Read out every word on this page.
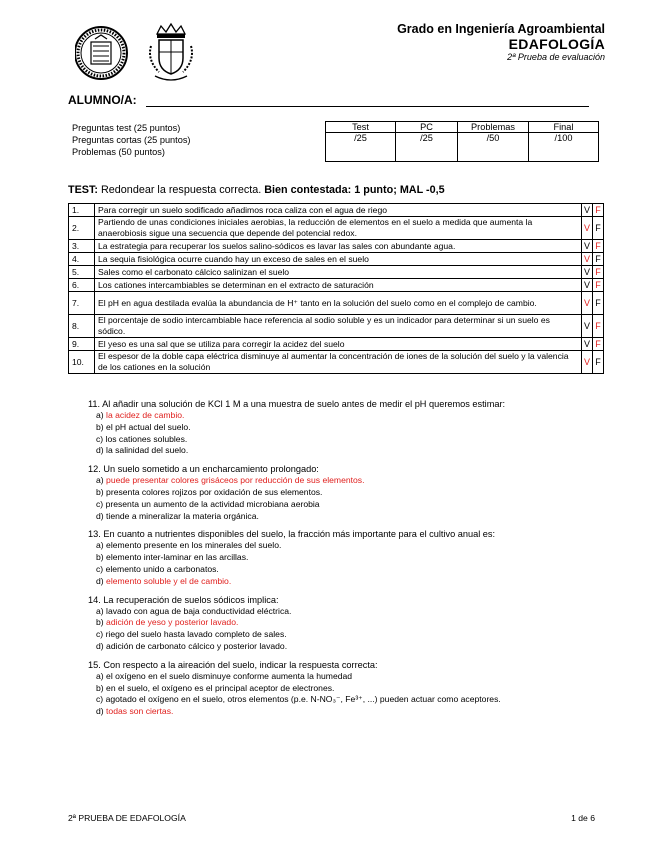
Grado en Ingeniería Agroambiental
EDAFOLOGÍA
2ª Prueba de evaluación
ALUMNO/A:
Preguntas test (25 puntos)
Preguntas cortas (25 puntos)
Problemas (50 puntos)
Test	PC	Problemas	Final
/25	/25	/50	/100

TEST: Redondear la respuesta correcta. Bien contestada: 1 punto; MAL -0,5
1.	Para corregir un suelo sodificado añadimos roca caliza con el agua de riego	V	F
2.	Partiendo de unas condiciones iniciales aerobias, la reducción de elementos en el suelo a medida que aumenta la anaerobiosis sigue una secuencia que depende del potencial redox.	V	F
3.	La estrategia para recuperar los suelos salino-sódicos es lavar las sales con abundante agua.	V	F
4.	La sequia fisiológica ocurre cuando hay un exceso de sales en el suelo	V	F
5.	Sales como el carbonato cálcico salinizan el suelo	V	F
6.	Los cationes intercambiables se determinan en el extracto de saturación	V	F
7.	El pH en agua destilada evalúa la abundancia de H⁺ tanto en la solución del suelo como en el complejo de cambio.	V	F
8.	El porcentaje de sodio intercambiable hace referencia al sodio soluble y es un indicador para determinar si un suelo es sódico.	V	F
9.	El yeso es una sal que se utiliza para corregir la acidez del suelo	V	F
10.	El espesor de la doble capa eléctrica disminuye al aumentar la concentración de iones de la solución del suelo y la valencia de los cationes en la solución	V	F
11. Al añadir una solución de KCl 1 M a una muestra de suelo antes de medir el pH queremos estimar:
a) la acidez de cambio.
b) el pH actual del suelo.
c) los cationes solubles.
d) la salinidad del suelo.
12. Un suelo sometido a un encharcamiento prolongado:
a) puede presentar colores grisáceos por reducción de sus elementos.
b) presenta colores rojizos por oxidación de sus elementos.
c) presenta un aumento de la actividad microbiana aerobia
d) tiende a mineralizar la materia orgánica.
13. En cuanto a nutrientes disponibles del suelo, la fracción más importante para el cultivo anual es:
a) elemento presente en los minerales del suelo.
b) elemento inter-laminar en las arcillas.
c) elemento unido a carbonatos.
d) elemento soluble y el de cambio.
14. La recuperación de suelos sódicos implica:
a) lavado con agua de baja conductividad eléctrica.
b) adición de yeso y posterior lavado.
c) riego del suelo hasta lavado completo de sales.
d) adición de carbonato cálcico y posterior lavado.
15. Con respecto a la aireación del suelo, indicar la respuesta correcta:
a) el oxígeno en el suelo disminuye conforme aumenta la humedad
b) en el suelo, el oxígeno es el principal aceptor de electrones.
c) agotado el oxígeno en el suelo, otros elementos (p.e. N-NO₃⁻, Fe³⁺, ...) pueden actuar como aceptores.
d) todas son ciertas.
2ª PRUEBA DE EDAFOLOGÍA	1 de 6
